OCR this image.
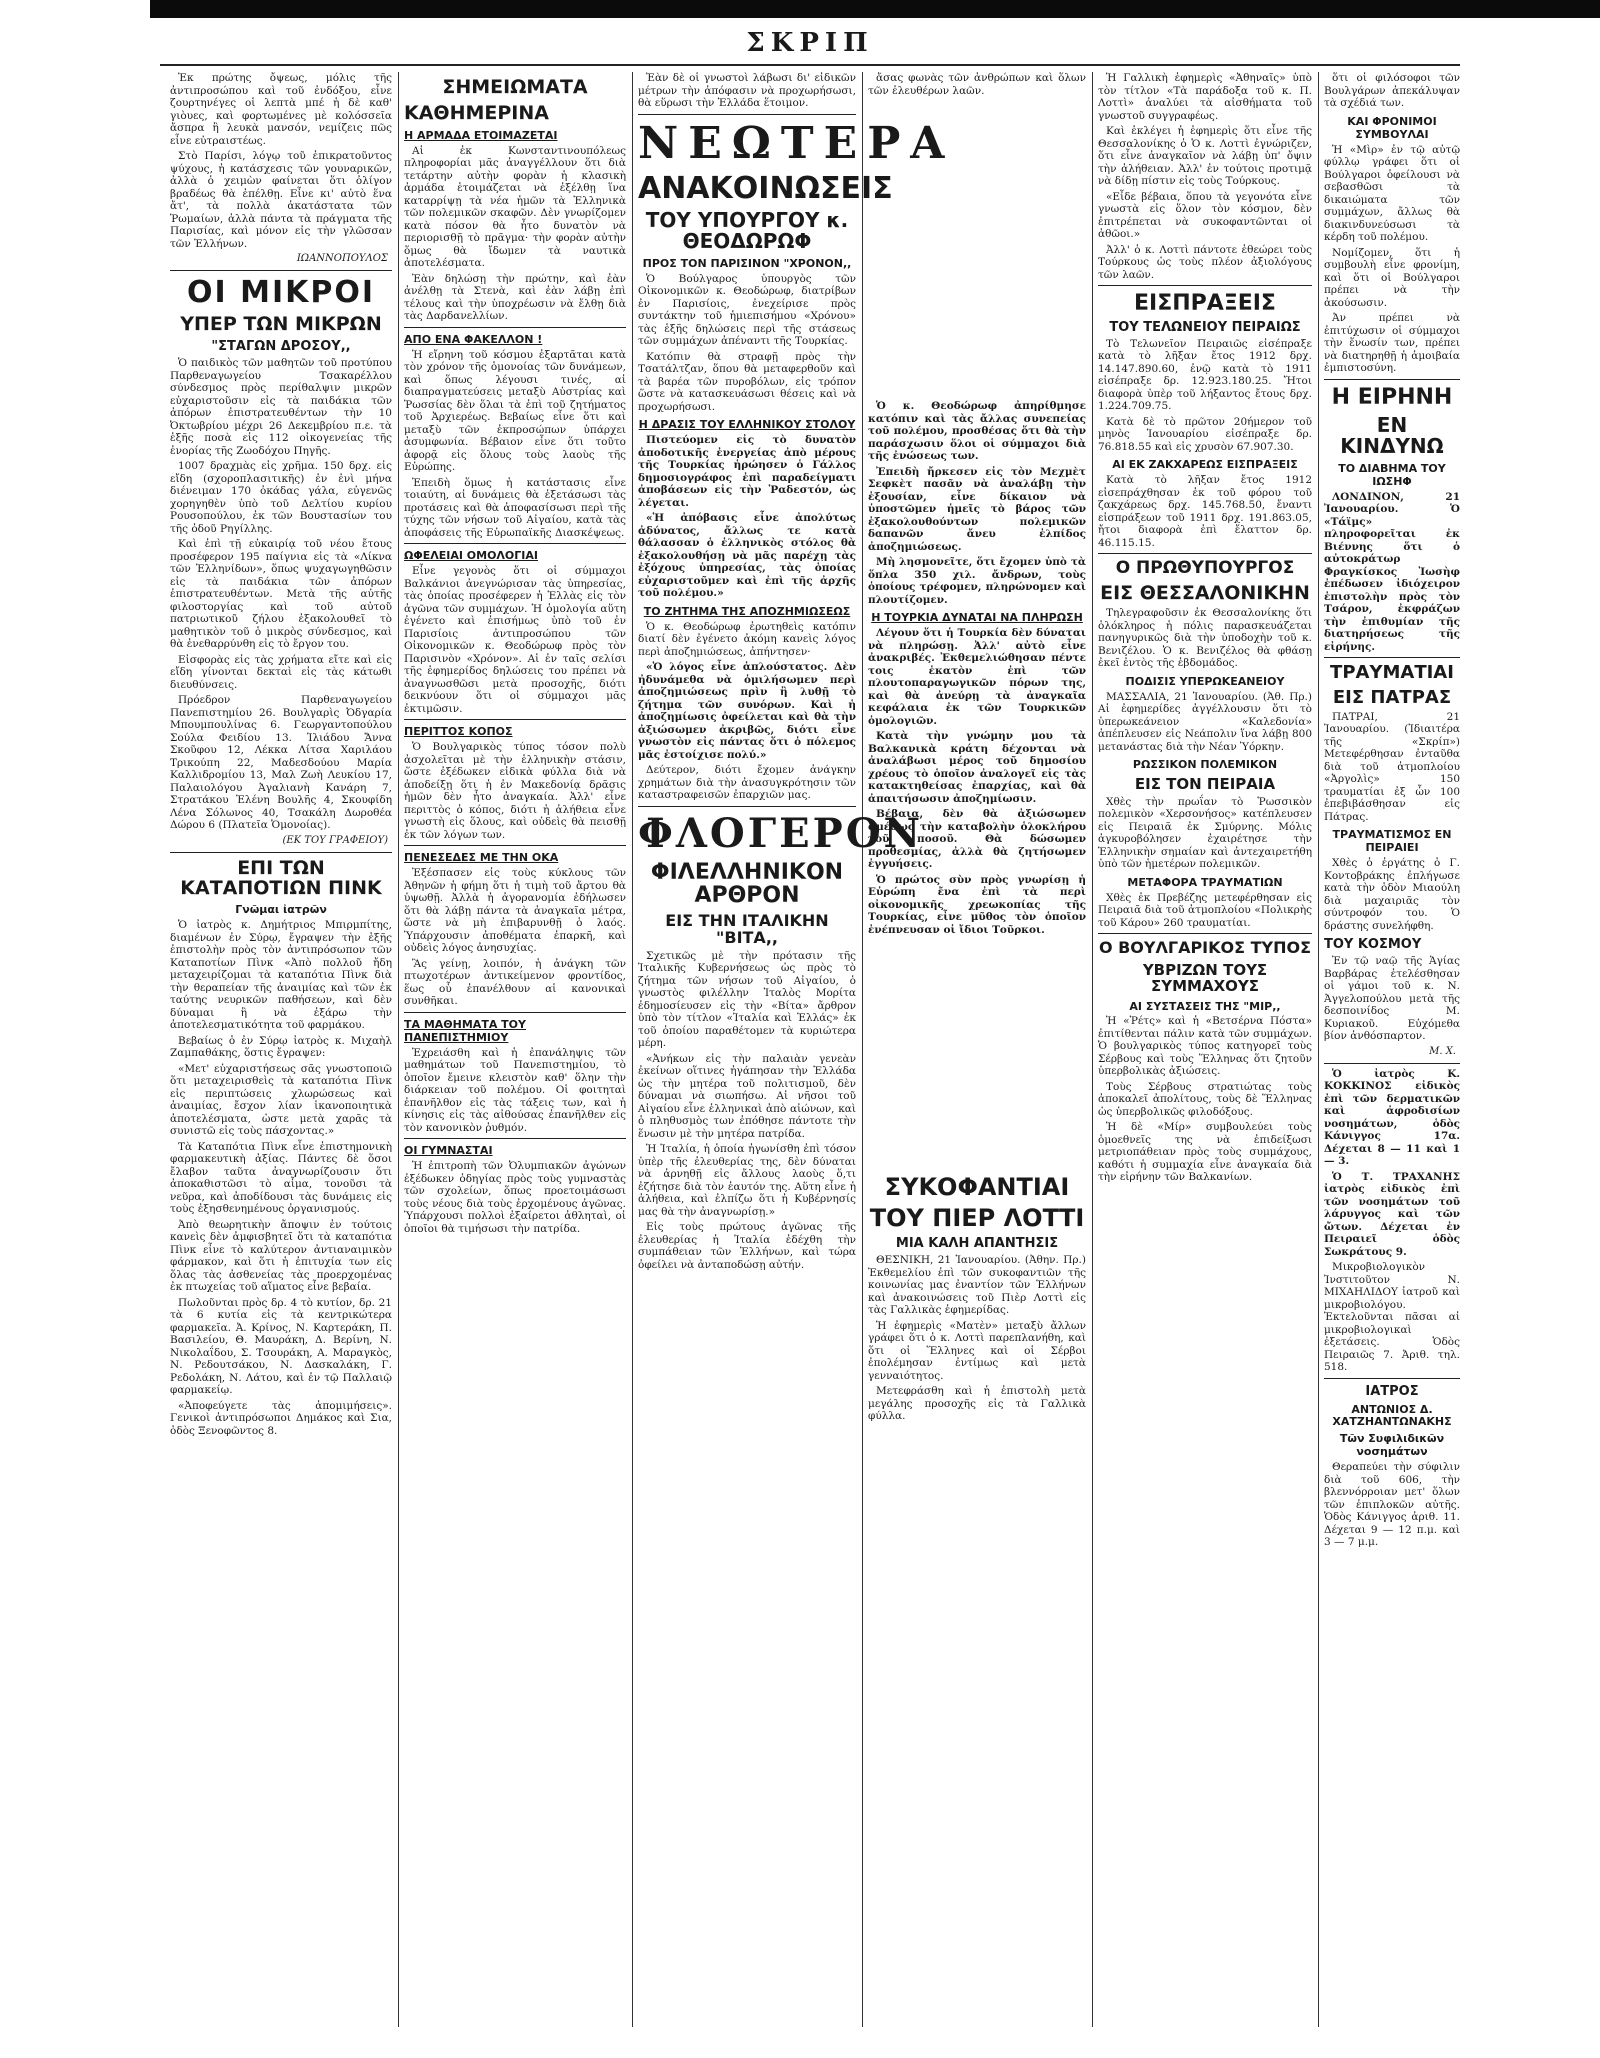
ΣΚΡΙΠ

Ἐκ πρώτης ὄψεως, μόλις τῆς ἀντιπροσώπου καὶ τοῦ ἐνδόξου, εἶνε ζουρτηνέγες οἱ λεπτὰ μπέ ἡ δὲ καθ' γιὸυες, καὶ φορτωμένες μὲ κολόσσεῖα ἄσπρα ἢ λευκὰ μανσόν, νεμίζεις πῶς εἶνε εὐτραιστέως.

Στὸ Παρίσι, λόγῳ τοῦ ἐπικρατοῦντος ψύχους, ἡ κατάσχεσις τῶν γουναρικῶν, ἀλλὰ ὁ χειμὼν φαίνεται ὅτι ὀλίγον βραδέως θὰ ἐπέλθῃ. Εἶνε κι' αὐτὸ ἕνα ἄτ', τὰ πολλὰ ἀκατάστατα τῶν Ῥωμαίων, ἀλλὰ πάντα τὰ πράγματα τῆς Παρισίας, καὶ μόνον εἰς τὴν γλῶσσαν τῶν Ἑλλήνων.

ΙΩΑΝΝΟΠΟΥΛΟΣ
ΟΙ ΜΙΚΡΟΙ
ΥΠΕΡ ΤΩΝ ΜΙΚΡΩΝ
"ΣΤΑΓΩΝ ΔΡΟΣΟΥ,,

Ὁ παιδικὸς τῶν μαθητῶν τοῦ προτύπου Παρθεναγωγείου Τσακαρέλλου σύνδεσμος πρὸς περίθαλψιν μικρῶν εὐχαριστοῦσιν εἰς τὰ παιδάκια τῶν ἀπόρων ἐπιστρατευθέντων τὴν 10 Ὀκτωβρίου μέχρι 26 Δεκεμβρίου π.ε. τὰ ἑξῆς ποσὰ εἰς 112 οἰκογενείας τῆς ἐνορίας τῆς Ζωοδόχου Πηγῆς.

1007 δραχμὰς εἰς χρῆμα. 150 δρχ. εἰς εἴδη (σχοροπλασιτικῆς) ἐν ἐνὶ μήνα διένειμαν 170 ὀκάδας γάλα, εὐγενῶς χορηγηθὲν ὑπὸ τοῦ Δελτίου κυρίου Ρουσοπούλου, ἐκ τῶν Βουστασίων του τῆς ὁδοῦ Ρηγίλλης.

Καὶ ἐπὶ τῇ εὐκαιρίᾳ τοῦ νέου ἔτους προσέφερον 195 παίγνια εἰς τὰ «Λίκνα τῶν Ἑλληνίδων», ὅπως ψυχαγωγηθῶσιν εἰς τὰ παιδάκια τῶν ἀπόρων ἐπιστρατευθέντων. Μετὰ τῆς αὐτῆς φιλοστοργίας καὶ τοῦ αὐτοῦ πατριωτικοῦ ζήλου ἐξακολουθεῖ τὸ μαθητικὸν τοῦ ὁ μικρὸς σύνδεσμος, καὶ θὰ ἐνεθαρρύνθη εἰς τὸ ἔργον του.

Εἰσφορὰς εἰς τὰς χρήματα εἴτε καὶ εἰς εἴδη γίνονται δεκταὶ εἰς τὰς κάτωθι διευθύνσεις.

Πρόεδρον Παρθεναγωγείου Πανεπιστημίου 26. Βουλγαρὶς Ὀδγαρία Μπουμπουλίνας 6. Γεωργαντοπούλου Σούλα Φειδίου 13. Ἰλιάδου Ἄννα Σκοῦφου 12, Λέκκα Λίτσα Χαριλάου Τρικούπη 22, Μαδεσδούου Μαρία Καλλιδρομίου 13, Μαλ Ζωὴ Λευκίου 17, Παλαιολόγου Ἀγαλιανὴ Κανάρη 7, Στρατάκου Ἑλένη Βουλῆς 4, Σκουφίδη Λένα Σόλωνος 40, Τσακάλη Δωροθέα Δώρου 6 (Πλατεῖα Ὁμονοίας).

(ΕΚ ΤΟΥ ΓΡΑΦΕΙΟΥ)
ΕΠΙ ΤΩΝ ΚΑΤΑΠΟΤΙΩΝ ΠΙΝΚ
Γνῶμαι ἰατρῶν

Ὁ ἰατρὸς κ. Δημήτριος Μπιρμπίτης, διαμένων ἐν Σύρῳ, ἔγραψεν τὴν ἑξῆς ἐπιστολὴν πρὸς τὸν ἀντιπρόσωπον τῶν Καταποτίων Πὶνκ «Ἀπὸ πολλοῦ ἤδη μεταχειρίζομαι τὰ καταπότια Πὶνκ διὰ τὴν θεραπείαν τῆς ἀναιμίας καὶ τῶν ἐκ ταύτης νευρικῶν παθήσεων, καὶ δὲν δύναμαι ἢ νὰ ἐξάρω τὴν ἀποτελεσματικότητα τοῦ φαρμάκου.

Βεβαίως ὁ ἐν Σύρῳ ἰατρὸς κ. Μιχαὴλ Ζαμπαθάκης, ὅστις ἔγραψεν:

«Μετ' εὐχαριστήσεως σᾶς γνωστοποιῶ ὅτι μεταχειρισθεὶς τὰ καταπότια Πὶνκ εἰς περιπτώσεις χλωρώσεως καὶ ἀναιμίας, ἔσχον λίαν ἱκανοποιητικὰ ἀποτελέσματα, ὡστε μετὰ χαρᾶς τὰ συνιστῶ εἰς τοὺς πάσχοντας.»

Τὰ Καταπότια Πὶνκ εἶνε ἐπιστημονικὴ φαρμακευτικὴ ἀξίας. Πάντες δὲ ὅσοι ἔλαβον ταῦτα ἀναγνωρίζουσιν ὅτι ἀποκαθιστῶσι τὸ αἷμα, τονοῦσι τὰ νεῦρα, καὶ ἀποδίδουσι τὰς δυνάμεις εἰς τοὺς ἐξησθενημένους ὀργανισμούς.

Ἀπὸ θεωρητικὴν ἄποψιν ἐν τούτοις κανεὶς δὲν ἀμφισβητεῖ ὅτι τὰ καταπότια Πὶνκ εἶνε τὸ καλύτερον ἀντιαναιμικὸν φάρμακον, καὶ ὅτι ἡ ἐπιτυχία των εἰς ὅλας τὰς ἀσθενείας τὰς προερχομένας ἐκ πτωχείας τοῦ αἵματος εἶνε βεβαία.

Πωλοῦνται πρὸς δρ. 4 τὸ κυτίον, δρ. 21 τὰ 6 κυτία εἰς τὰ κεντρικώτερα φαρμακεῖα. Ἀ. Κρίνος, Ν. Καρτεράκη, Π. Βασιλείου, Θ. Μαυράκη, Δ. Βερίνη, Ν. Νικολαΐδου, Σ. Τσουράκη, Α. Μαραγκὸς, Ν. Ρεδουτσάκου, Ν. Δασκαλάκη, Γ. Ρεδολάκη, Ν. Λάτου, καὶ ἐν τῷ Παλλαιῷ φαρμακείῳ.

«Ἀποφεύγετε τὰς ἀπομιμήσεις». Γενικοὶ ἀντιπρόσωποι Δημάκος καὶ Σια, ὁδὸς Ξενοφῶντος 8.

ΣΗΜΕΙΩΜΑΤΑ
ΚΑΘΗΜΕΡΙΝΑ
Η ΑΡΜΑΔΑ ΕΤΟΙΜΑΖΕΤΑΙ

Αἱ ἐκ Κωνσταντινουπόλεως πληροφορίαι μᾶς ἀναγγέλλουν ὅτι διὰ τετάρτην αὐτὴν φορὰν ἡ κλασικὴ ἀρμάδα ἑτοιμάζεται νὰ ἐξέλθῃ ἵνα καταρρίψῃ τὰ νέα ἡμῶν τὰ Ἑλληνικὰ τῶν πολεμικῶν σκαφῶν. Δὲν γνωρίζομεν κατὰ πόσον θὰ ἦτο δυνατὸν νὰ περιορισθῇ τὸ πρᾶγμα· τὴν φορὰν αὐτὴν ὅμως θὰ ἴδωμεν τὰ ναυτικὰ ἀποτελέσματα.

Ἐὰν δηλώσῃ τὴν πρώτην, καὶ ἐὰν ἀνέλθῃ τὰ Στενὰ, καὶ ἐὰν λάβῃ ἐπὶ τέλους καὶ τὴν ὑποχρέωσιν νὰ ἔλθῃ διὰ τὰς Δαρδανελλίων.

ΑΠΟ ΕΝΑ ΦΑΚΕΛΛΟΝ !

Ἡ εἴρηνη τοῦ κόσμου ἐξαρτᾶται κατὰ τὸν χρόνον τῆς ὁμονοίας τῶν δυνάμεων, καὶ ὅπως λέγουσι τινές, αἱ διαπραγματεύσεις μεταξὺ Αὐστρίας καὶ Ῥωσσίας δὲν ὅλαι τὰ ἐπὶ τοῦ ζητήματος τοῦ Ἀρχιερέως. Βεβαίως εἶνε ὅτι καὶ μεταξὺ τῶν ἐκπροσώπων ὑπάρχει ἀσυμφωνία. Βέβαιον εἶνε ὅτι τοῦτο ἀφορᾷ εἰς ὅλους τοὺς λαοὺς τῆς Εὐρώπης.

Ἐπειδὴ ὅμως ἡ κατάστασις εἶνε τοιαύτη, αἱ δυνάμεις θὰ ἐξετάσωσι τὰς προτάσεις καὶ θὰ ἀποφασίσωσι περὶ τῆς τύχης τῶν νήσων τοῦ Αἰγαίου, κατὰ τὰς ἀποφάσεις τῆς Εὐρωπαϊκῆς Διασκέψεως.

ΩΦΕΛΕΙΑΙ ΟΜΟΛΟΓΙΑΙ

Εἶνε γεγονὸς ὅτι οἱ σύμμαχοι Βαλκάνιοι ἀνεγνώρισαν τὰς ὑπηρεσίας, τὰς ὁποίας προσέφερεν ἡ Ἑλλὰς εἰς τὸν ἀγῶνα τῶν συμμάχων. Ἡ ὁμολογία αὕτη ἐγένετο καὶ ἐπισήμως ὑπὸ τοῦ ἐν Παρισίοις ἀντιπροσώπου τῶν Οἰκονομικῶν κ. Θεοδώρωφ πρὸς τὸν Παρισινὸν «Χρόνον». Αἱ ἐν ταῖς σελίσι τῆς ἐφημερίδος δηλώσεις του πρέπει νὰ ἀναγνωσθῶσι μετὰ προσοχῆς, διότι δεικνύουν ὅτι οἱ σύμμαχοι μᾶς ἐκτιμῶσιν.

ΠΕΡΙΤΤΟΣ ΚΟΠΟΣ

Ὁ Βουλγαρικὸς τύπος τόσον πολὺ ἀσχολεῖται μὲ τὴν ἑλληνικὴν στάσιν, ὥστε ἐξέδωκεν εἰδικὰ φύλλα διὰ νὰ ἀποδείξῃ ὅτι ἡ ἐν Μακεδονίᾳ δρᾶσις ἡμῶν δὲν ἦτο ἀναγκαία. Ἀλλ' εἶνε περιττὸς ὁ κόπος, διότι ἡ ἀλήθεια εἶνε γνωστὴ εἰς ὅλους, καὶ οὐδεὶς θὰ πεισθῇ ἐκ τῶν λόγων των.

ΠΕΝΕΣΕΔΕΣ ΜΕ ΤΗΝ ΟΚΑ

Ἐξέσπασεν εἰς τοὺς κύκλους τῶν Ἀθηνῶν ἡ φήμη ὅτι ἡ τιμὴ τοῦ ἄρτου θὰ ὑψωθῇ. Ἀλλὰ ἡ ἀγορανομία ἐδήλωσεν ὅτι θὰ λάβῃ πάντα τὰ ἀναγκαῖα μέτρα, ὥστε νὰ μὴ ἐπιβαρυνθῇ ὁ λαός. Ὑπάρχουσιν ἀποθέματα ἐπαρκῆ, καὶ οὐδεὶς λόγος ἀνησυχίας.

Ἂς γείνῃ, λοιπόν, ἡ ἀνάγκη τῶν πτωχοτέρων ἀντικείμενον φροντίδος, ἕως οὗ ἐπανέλθουν αἱ κανονικαὶ συνθῆκαι.

ΤΑ ΜΑΘΗΜΑΤΑ ΤΟΥ ΠΑΝΕΠΙΣΤΗΜΙΟΥ

Ἐχρειάσθη καὶ ἡ ἐπανάληψις τῶν μαθημάτων τοῦ Πανεπιστημίου, τὸ ὁποῖον ἔμεινε κλειστὸν καθ' ὅλην τὴν διάρκειαν τοῦ πολέμου. Οἱ φοιτηταὶ ἐπανῆλθον εἰς τὰς τάξεις των, καὶ ἡ κίνησις εἰς τὰς αἰθούσας ἐπανῆλθεν εἰς τὸν κανονικὸν ῥυθμόν.

ΟΙ ΓΥΜΝΑΣΤΑΙ

Ἡ ἐπιτροπὴ τῶν Ὀλυμπιακῶν ἀγώνων ἐξέδωκεν ὁδηγίας πρὸς τοὺς γυμναστὰς τῶν σχολείων, ὅπως προετοιμάσωσι τοὺς νέους διὰ τοὺς ἐρχομένους ἀγῶνας. Ὑπάρχουσι πολλοὶ ἐξαίρετοι ἀθληταὶ, οἱ ὁποῖοι θὰ τιμήσωσι τὴν πατρίδα.

Ἐὰν δὲ οἱ γνωστοὶ λάβωσι δι' εἰδικῶν μέτρων τὴν ἀπόφασιν νὰ προχωρήσωσι, θὰ εὕρωσι τὴν Ἑλλάδα ἕτοιμον.

ΝΕΩΤΕΡΑ
ΑΝΑΚΟΙΝΩΣΕΙΣ
ΤΟΥ ΥΠΟΥΡΓΟΥ κ. ΘΕΟΔΩΡΩΦ
ΠΡΟΣ ΤΟΝ ΠΑΡΙΣΙΝΟΝ "ΧΡΟΝΟΝ,,

Ὁ Βούλγαρος ὑπουργὸς τῶν Οἰκονομικῶν κ. Θεοδώρωφ, διατρίβων ἐν Παρισίοις, ἐνεχείρισε πρὸς συντάκτην τοῦ ἡμιεπισήμου «Χρόνου» τὰς ἑξῆς δηλώσεις περὶ τῆς στάσεως τῶν συμμάχων ἀπέναντι τῆς Τουρκίας.

Κατόπιν θὰ στραφῇ πρὸς τὴν Τσατάλτζαν, ὅπου θὰ μεταφερθοῦν καὶ τὰ βαρέα τῶν πυροβόλων, εἰς τρόπον ὥστε νὰ κατασκευάσωσι θέσεις καὶ νὰ προχωρήσωσι.

Η ΔΡΑΣΙΣ ΤΟΥ ΕΛΛΗΝΙΚΟΥ ΣΤΟΛΟΥ

Πιστεύομεν εἰς τὸ δυνατὸν ἀποδοτικῆς ἐνεργείας ἀπὸ μέρους τῆς Τουρκίας ἡρώησεν ὁ Γάλλος δημοσιογράφος ἐπὶ παραδείγματι ἀποβάσεων εἰς τὴν Ῥαδεστόν, ὡς λέγεται.

«Ἡ ἀπόβασις εἶνε ἀπολύτως ἀδύνατος, ἄλλως τε κατὰ θάλασσαν ὁ ἑλληνικὸς στόλος θὰ ἐξακολουθήσῃ νὰ μᾶς παρέχῃ τὰς ἐξόχους ὑπηρεσίας, τὰς ὁποίας εὐχαριστοῦμεν καὶ ἐπὶ τῆς ἀρχῆς τοῦ πολέμου.»

ΤΟ ΖΗΤΗΜΑ ΤΗΣ ΑΠΟΖΗΜΙΩΣΕΩΣ

Ὁ κ. Θεοδώρωφ ἐρωτηθεὶς κατόπιν διατί δὲν ἐγένετο ἀκόμη κανεὶς λόγος περὶ ἀποζημιώσεως, ἀπήντησεν·

«Ὁ λόγος εἶνε ἁπλούστατος. Δὲν ἠδυνάμεθα νὰ ὁμιλήσωμεν περὶ ἀποζημιώσεως πρὶν ἢ λυθῇ τὸ ζήτημα τῶν συνόρων. Καὶ ἡ ἀποζημίωσις ὀφείλεται καὶ θὰ τὴν ἀξιώσωμεν ἀκριβῶς, διότι εἶνε γνωστὸν εἰς πάντας ὅτι ὁ πόλεμος μᾶς ἐστοίχισε πολύ.»

Δεύτερον, διότι ἔχομεν ἀνάγκην χρημάτων διὰ τὴν ἀνασυγκρότησιν τῶν καταστραφεισῶν ἐπαρχιῶν μας.

ΦΛΟΓΕΡΟΝ
ΦΙΛΕΛΛΗΝΙΚΟΝ ΑΡΘΡΟΝ
ΕΙΣ ΤΗΝ ΙΤΑΛΙΚΗΝ "ΒΙΤΑ,,

Σχετικῶς μὲ τὴν πρότασιν τῆς Ἰταλικῆς Κυβερνήσεως ὡς πρὸς τὸ ζήτημα τῶν νήσων τοῦ Αἰγαίου, ὁ γνωστὸς φιλέλλην Ἰταλὸς Μορίτα ἐδημοσίευσεν εἰς τὴν «Βίτα» ἄρθρον ὑπὸ τὸν τίτλον «Ἰταλία καὶ Ἑλλάς» ἐκ τοῦ ὁποίου παραθέτομεν τὰ κυριώτερα μέρη.

«Ἀνήκων εἰς τὴν παλαιὰν γενεὰν ἐκείνων οἵτινες ἠγάπησαν τὴν Ἑλλάδα ὡς τὴν μητέρα τοῦ πολιτισμοῦ, δὲν δύναμαι νὰ σιωπήσω. Αἱ νῆσοι τοῦ Αἰγαίου εἶνε ἑλληνικαὶ ἀπὸ αἰώνων, καὶ ὁ πληθυσμὸς των ἐπόθησε πάντοτε τὴν ἕνωσιν μὲ τὴν μητέρα πατρίδα.

Ἡ Ἰταλία, ἡ ὁποία ἠγωνίσθη ἐπὶ τόσον ὑπὲρ τῆς ἐλευθερίας της, δὲν δύναται νὰ ἀρνηθῇ εἰς ἄλλους λαοὺς ὅ,τι ἐζήτησε διὰ τὸν ἑαυτόν της. Αὕτη εἶνε ἡ ἀλήθεια, καὶ ἐλπίζω ὅτι ἡ Κυβέρνησίς μας θὰ τὴν ἀναγνωρίσῃ.»

Εἰς τοὺς πρώτους ἀγῶνας τῆς ἐλευθερίας ἡ Ἰταλία ἐδέχθη τὴν συμπάθειαν τῶν Ἑλλήνων, καὶ τώρα ὀφείλει νὰ ἀνταποδώσῃ αὐτήν.

ἄσας φωνὰς τῶν ἀνθρώπων καὶ ὅλων τῶν ἐλευθέρων λαῶν.

Ὁ κ. Θεοδώρωφ ἀπηρίθμησε κατόπιν καὶ τὰς ἄλλας συνεπείας τοῦ πολέμου, προσθέσας ὅτι θὰ τὴν παράσχωσιν ὅλοι οἱ σύμμαχοι διὰ τῆς ἐνώσεως των.

Ἐπειδὴ ἤρκεσεν εἰς τὸν Μεχμὲτ Σεφκὲτ πασᾶν νὰ ἀναλάβῃ τὴν ἐξουσίαν, εἶνε δίκαιον νὰ ὑποστῶμεν ἡμεῖς τὸ βάρος τῶν ἐξακολουθούντων πολεμικῶν δαπανῶν ἄνευ ἐλπίδος ἀποζημιώσεως.

Μὴ λησμονεῖτε, ὅτι ἔχομεν ὑπὸ τὰ ὅπλα 350 χιλ. ἄνδρων, τοὺς ὁποίους τρέφομεν, πληρώνομεν καὶ πλουτίζομεν.

Η ΤΟΥΡΚΙΑ ΔΥΝΑΤΑΙ ΝΑ ΠΛΗΡΩΣΗ

Λέγουν ὅτι ἡ Τουρκία δὲν δύναται νὰ πληρώσῃ. Ἀλλ' αὐτὸ εἶνε ἀνακριβές. Ἐκθεμελιώθησαν πέντε τοις ἑκατὸν ἐπὶ τῶν πλουτοπαραγωγικῶν πόρων της, καὶ θὰ ἀνεύρῃ τὰ ἀναγκαῖα κεφάλαια ἐκ τῶν Τουρκικῶν ὁμολογιῶν.

Κατὰ τὴν γνώμην μου τὰ Βαλκανικὰ κράτη δέχονται νὰ ἀναλάβωσι μέρος τοῦ δημοσίου χρέους τὸ ὁποῖον ἀναλογεῖ εἰς τὰς κατακτηθείσας ἐπαρχίας, καὶ θὰ ἀπαιτήσωσιν ἀποζημίωσιν.

Βέβαια, δὲν θὰ ἀξιώσωμεν ἀμέσως τὴν καταβολὴν ὁλοκλήρου τοῦ ποσοῦ. Θὰ δώσωμεν προθεσμίας, ἀλλὰ θὰ ζητήσωμεν ἐγγυήσεις.

Ὁ πρώτος σὺν πρὸς γνωρίσῃ ἡ Εὐρώπη ἔνα ἐπὶ τὰ περὶ οἰκονομικῆς χρεωκοπίας τῆς Τουρκίας, εἶνε μῦθος τὸν ὁποῖον ἐνέπνευσαν οἱ ἴδιοι Τοῦρκοι.

ΣΥΚΟΦΑΝΤΙΑΙ
ΤΟΥ ΠΙΕΡ ΛΟΤΤΙ
ΜΙΑ ΚΑΛΗ ΑΠΑΝΤΗΣΙΣ

ΘΕΣΝΙΚΗ, 21 Ἰανουαρίου. (Ἀθην. Πρ.) Ἐκθεμελίου ἐπὶ τῶν συκοφαντιῶν τῆς κοινωνίας μας ἐναντίον τῶν Ἑλλήνων καὶ ἀνακοινώσεις τοῦ Πιὲρ Λοττὶ εἰς τὰς Γαλλικὰς ἐφημερίδας.

Ἡ ἐφημερὶς «Ματὲν» μεταξὺ ἄλλων γράφει ὅτι ὁ κ. Λοττὶ παρεπλανήθη, καὶ ὅτι οἱ Ἕλληνες καὶ οἱ Σέρβοι ἐπολέμησαν ἐντίμως καὶ μετὰ γενναιότητος.

Μετεφράσθη καὶ ἡ ἐπιστολὴ μετὰ μεγάλης προσοχῆς εἰς τὰ Γαλλικὰ φύλλα.

Ἡ Γαλλικὴ ἐφημερὶς «Ἀθηναῖς» ὑπὸ τὸν τίτλον «Τὰ παράδοξα τοῦ κ. Π. Λοττὶ» ἀναλύει τὰ αἰσθήματα τοῦ γνωστοῦ συγγραφέως.

Καὶ ἐκλέγει ἡ ἐφημερὶς ὅτι εἶνε τῆς Θεσσαλονίκης ὁ Ὁ κ. Λοττὶ ἐγνώριζεν, ὅτι εἶνε ἀναγκαῖον νὰ λάβῃ ὑπ' ὄψιν τὴν ἀλήθειαν. Ἀλλ' ἐν τούτοις προτιμᾷ νὰ δίδῃ πίστιν εἰς τοὺς Τούρκους.

«Εἶδε βέβαια, ὅπου τὰ γεγονότα εἶνε γνωστὰ εἰς ὅλον τὸν κόσμον, δὲν ἐπιτρέπεται νὰ συκοφαντῶνται οἱ ἀθῶοι.»

Ἀλλ' ὁ κ. Λοττὶ πάντοτε ἐθεώρει τοὺς Τούρκους ὡς τοὺς πλέον ἀξιολόγους τῶν λαῶν.

ΕΙΣΠΡΑΞΕΙΣ
ΤΟΥ ΤΕΛΩΝΕΙΟΥ ΠΕΙΡΑΙΩΣ

Τὸ Τελωνεῖον Πειραιῶς εἰσέπραξε κατὰ τὸ λῆξαν ἔτος 1912 δρχ. 14.147.890.60, ἐνῷ κατὰ τὸ 1911 εἰσέπραξε δρ. 12.923.180.25. Ἤτοι διαφορὰ ὑπὲρ τοῦ λήξαντος ἔτους δρχ. 1.224.709.75.

Κατὰ δὲ τὸ πρῶτον 20ήμερον τοῦ μηνὸς Ἰανουαρίου εἰσέπραξε δρ. 76.818.55 καὶ εἰς χρυσὸν 67.907.30.

ΑΙ ΕΚ ΖΑΚΧΑΡΕΩΣ ΕΙΣΠΡΑΞΕΙΣ

Κατὰ τὸ λῆξαν ἔτος 1912 εἰσεπράχθησαν ἐκ τοῦ φόρου τοῦ ζακχάρεως δρχ. 145.768.50, ἔναντι εἰσπράξεων τοῦ 1911 δρχ. 191.863.05, ἤτοι διαφορὰ ἐπὶ ἔλαττον δρ. 46.115.15.

Ο ΠΡΩΘΥΠΟΥΡΓΟΣ
ΕΙΣ ΘΕΣΣΑΛΟΝΙΚΗΝ

Τηλεγραφοῦσιν ἐκ Θεσσαλονίκης ὅτι ὁλόκληρος ἡ πόλις παρασκευάζεται πανηγυρικῶς διὰ τὴν ὑποδοχὴν τοῦ κ. Βενιζέλου. Ὁ κ. Βενιζέλος θὰ φθάσῃ ἐκεῖ ἐντὸς τῆς ἑβδομάδος.

ΠΟΔΙΣΙΣ ΥΠΕΡΩΚΕΑΝΕΙΟΥ

ΜΑΣΣΑΛΙΑ, 21 Ἰανουαρίου. (Ἀθ. Πρ.) Αἱ ἐφημερίδες ἀγγέλλουσιν ὅτι τὸ ὑπερωκεάνειον «Καλεδονία» ἀπέπλευσεν εἰς Νεάπολιν ἵνα λάβῃ 800 μετανάστας διὰ τὴν Νέαν Ὑόρκην.

ΡΩΣΣΙΚΟΝ ΠΟΛΕΜΙΚΟΝ
ΕΙΣ ΤΟΝ ΠΕΙΡΑΙΑ

Χθὲς τὴν πρωΐαν τὸ Ῥωσσικὸν πολεμικὸν «Χερσονήσος» κατέπλευσεν εἰς Πειραιᾶ ἐκ Σμύρνης. Μόλις ἀγκυροβόλησεν ἐχαιρέτησε τὴν Ἑλληνικὴν σημαίαν καὶ ἀντεχαιρετήθη ὑπὸ τῶν ἡμετέρων πολεμικῶν.

ΜΕΤΑΦΟΡΑ ΤΡΑΥΜΑΤΙΩΝ

Χθὲς ἐκ Πρεβέζης μετεφέρθησαν εἰς Πειραιᾶ διὰ τοῦ ἀτμοπλοίου «Πολικρὴς τοῦ Κάρου» 260 τραυματίαι.

Ο ΒΟΥΛΓΑΡΙΚΟΣ ΤΥΠΟΣ
ΥΒΡΙΖΩΝ ΤΟΥΣ ΣΥΜΜΑΧΟΥΣ
ΑΙ ΣΥΣΤΑΣΕΙΣ ΤΗΣ "ΜΙΡ,,

Ἡ «Ῥέτς» καὶ ἡ «Βετσέρνα Πόστα» ἐπιτίθενται πάλιν κατὰ τῶν συμμάχων. Ὁ βουλγαρικὸς τύπος κατηγορεῖ τοὺς Σέρβους καὶ τοὺς Ἕλληνας ὅτι ζητοῦν ὑπερβολικὰς ἀξιώσεις.

Τοὺς Σέρβους στρατιώτας τοὺς ἀποκαλεῖ ἀπολίτους, τοὺς δὲ Ἕλληνας ὡς ὑπερβολικῶς φιλοδόξους.

Ἡ δὲ «Μίρ» συμβουλεύει τοὺς ὁμοεθνεῖς της νὰ ἐπιδείξωσι μετριοπάθειαν πρὸς τοὺς συμμάχους, καθότι ἡ συμμαχία εἶνε ἀναγκαία διὰ τὴν εἰρήνην τῶν Βαλκανίων.

ὅτι οἱ φιλόσοφοι τῶν Βουλγάρων ἀπεκάλυψαν τὰ σχέδιά των.

ΚΑΙ ΦΡΟΝΙΜΟΙ ΣΥΜΒΟΥΛΑΙ

Ἡ «Μὶρ» ἐν τῷ αὐτῷ φύλλῳ γράφει ὅτι οἱ Βούλγαροι ὀφείλουσι νὰ σεβασθῶσι τὰ δικαιώματα τῶν συμμάχων, ἄλλως θὰ διακινδυνεύσωσι τὰ κέρδη τοῦ πολέμου.

Νομίζομεν, ὅτι ἡ συμβουλὴ εἶνε φρονίμη, καὶ ὅτι οἱ Βούλγαροι πρέπει νὰ τὴν ἀκούσωσιν.

Ἀν πρέπει νὰ ἐπιτύχωσιν οἱ σύμμαχοι τὴν ἕνωσίν των, πρέπει νὰ διατηρηθῇ ἡ ἀμοιβαία ἐμπιστοσύνη.

Η ΕΙΡΗΝΗ
ΕΝ ΚΙΝΔΥΝΩ
ΤΟ ΔΙΑΒΗΜΑ ΤΟΥ ΙΩΣΗΦ

ΛΟΝΔΙΝΟΝ, 21 Ἰανουαρίου. Ὁ «Τάϊμς» πληροφορεῖται ἐκ Βιέννης ὅτι ὁ αὐτοκράτωρ Φραγκίσκος Ἰωσὴφ ἐπέδωσεν ἰδιόχειρον ἐπιστολὴν πρὸς τὸν Τσάρον, ἐκφράζων τὴν ἐπιθυμίαν τῆς διατηρήσεως τῆς εἰρήνης.

ΤΡΑΥΜΑΤΙΑΙ
ΕΙΣ ΠΑΤΡΑΣ

ΠΑΤΡΑΙ, 21 Ἰανουαρίου. (Ἰδιαιτέρα τῆς «Σκρίπ») Μετεφέρθησαν ἐνταῦθα διὰ τοῦ ἀτμοπλοίου «Ἀργολὶς» 150 τραυματίαι ἐξ ὧν 100 ἐπεβιβάσθησαν εἰς Πάτρας.

ΤΡΑΥΜΑΤΙΣΜΟΣ ΕΝ ΠΕΙΡΑΙΕΙ

Χθὲς ὁ ἐργάτης ὁ Γ. Κοντοβράκης ἐπλήγωσε κατὰ τὴν ὁδὸν Μιαούλη διὰ μαχαιριᾶς τὸν σύντροφόν του. Ὁ δράστης συνελήφθη.

ΤΟΥ ΚΟΣΜΟΥ

Ἐν τῷ ναῷ τῆς Ἁγίας Βαρβάρας ἐτελέσθησαν οἱ γάμοι τοῦ κ. Ν. Ἀγγελοπούλου μετὰ τῆς δεσποινίδος Μ. Κυριακοῦ. Εὐχόμεθα βίον ἀνθόσπαρτον.

Μ. Χ.

Ὁ ἰατρὸς Κ. ΚΟΚΚΙΝΟΣ εἰδικὸς ἐπὶ τῶν δερματικῶν καὶ ἀφροδισίων νοσημάτων, ὁδὸς Κάνιγγος 17α. Δέχεται 8 — 11 καὶ 1 — 3.

Ὁ Τ. ΤΡΑΧΑΝΗΣ ἰατρὸς εἰδικὸς ἐπὶ τῶν νοσημάτων τοῦ λάρυγγος καὶ τῶν ὤτων. Δέχεται ἐν Πειραιεῖ ὁδὸς Σωκράτους 9.

Μικροβιολογικὸν Ἰνστιτοῦτον Ν. ΜΙΧΑΗΛΙΔΟΥ ἰατροῦ καὶ μικροβιολόγου. Ἐκτελοῦνται πᾶσαι αἱ μικροβιολογικαὶ ἐξετάσεις. Ὁδὸς Πειραιῶς 7. Ἀριθ. τηλ. 518.

ΙΑΤΡΟΣ
ΑΝΤΩΝΙΟΣ Δ. ΧΑΤΖΗΑΝΤΩΝΑΚΗΣ
Τῶν Συφιλιδικῶν νοσημάτων

Θεραπεύει τὴν σύφιλιν διὰ τοῦ 606, τὴν βλεννόρροιαν μετ' ὅλων τῶν ἐπιπλοκῶν αὐτῆς. Ὁδὸς Κάνιγγος ἀριθ. 11. Δέχεται 9 — 12 π.μ. καὶ 3 — 7 μ.μ.
